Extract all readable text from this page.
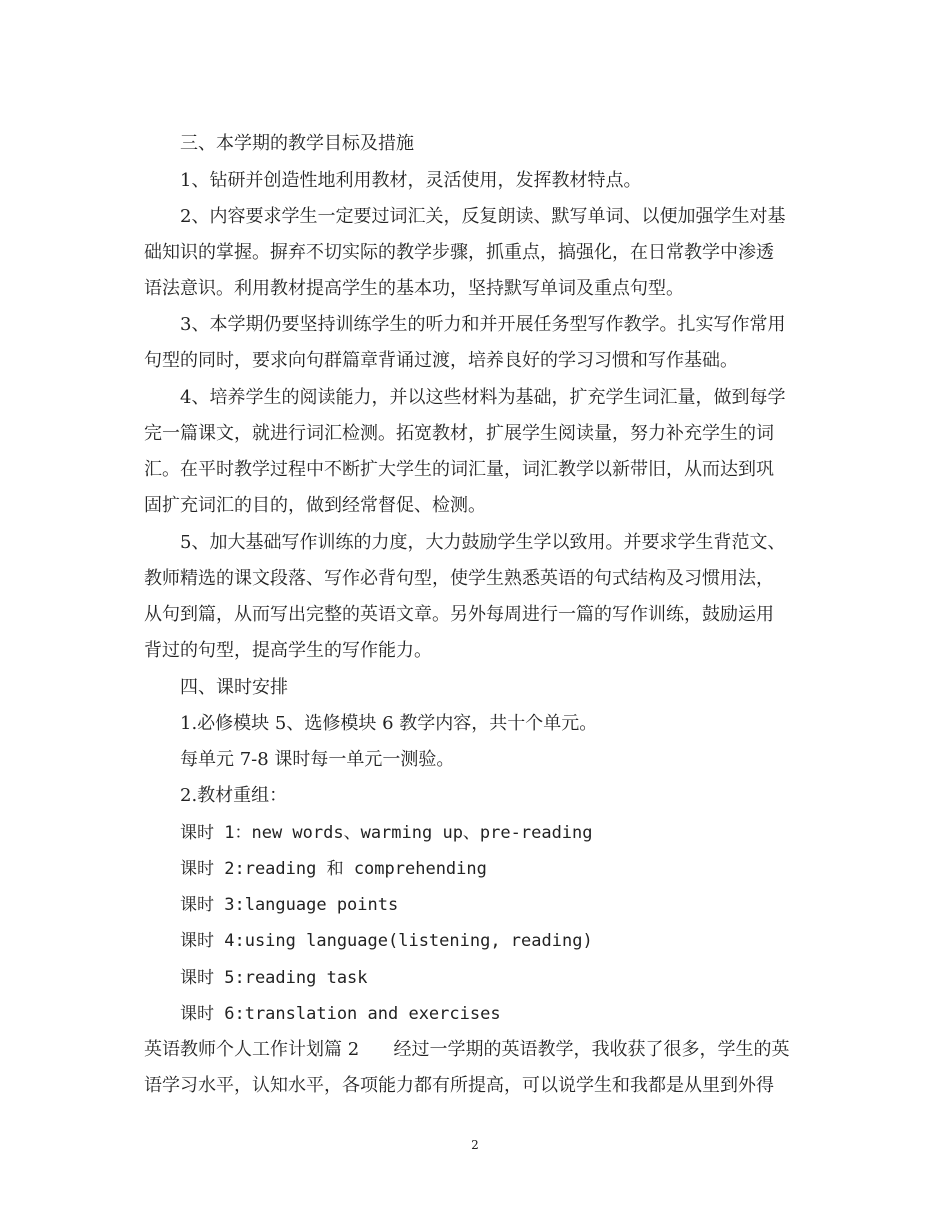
三、本学期的教学目标及措施

1、钻研并创造性地利用教材，灵活使用，发挥教材特点。

2、内容要求学生一定要过词汇关，反复朗读、默写单词、以便加强学生对基

础知识的掌握。摒弃不切实际的教学步骤，抓重点，搞强化，在日常教学中渗透

语法意识。利用教材提高学生的基本功，坚持默写单词及重点句型。

3、本学期仍要坚持训练学生的听力和并开展任务型写作教学。扎实写作常用

句型的同时，要求向句群篇章背诵过渡，培养良好的学习习惯和写作基础。

4、培养学生的阅读能力，并以这些材料为基础，扩充学生词汇量，做到每学

完一篇课文，就进行词汇检测。拓宽教材，扩展学生阅读量，努力补充学生的词

汇。在平时教学过程中不断扩大学生的词汇量，词汇教学以新带旧，从而达到巩

固扩充词汇的目的，做到经常督促、检测。

5、加大基础写作训练的力度，大力鼓励学生学以致用。并要求学生背范文、

教师精选的课文段落、写作必背句型，使学生熟悉英语的句式结构及习惯用法，

从句到篇，从而写出完整的英语文章。另外每周进行一篇的写作训练，鼓励运用

背过的句型，提高学生的写作能力。

四、课时安排

1.必修模块 5、选修模块 6 教学内容，共十个单元。

每单元 7-8 课时每一单元一测验。

2.教材重组：

课时 1：new words、warming up、pre-reading

课时 2:reading 和 comprehending

课时 3:language points

课时 4:using language(listening, reading)

课时 5:reading task

课时 6:translation and exercises

英语教师个人工作计划篇 2      经过一学期的英语教学，我收获了很多，学生的英

语学习水平，认知水平，各项能力都有所提高，可以说学生和我都是从里到外得

2
